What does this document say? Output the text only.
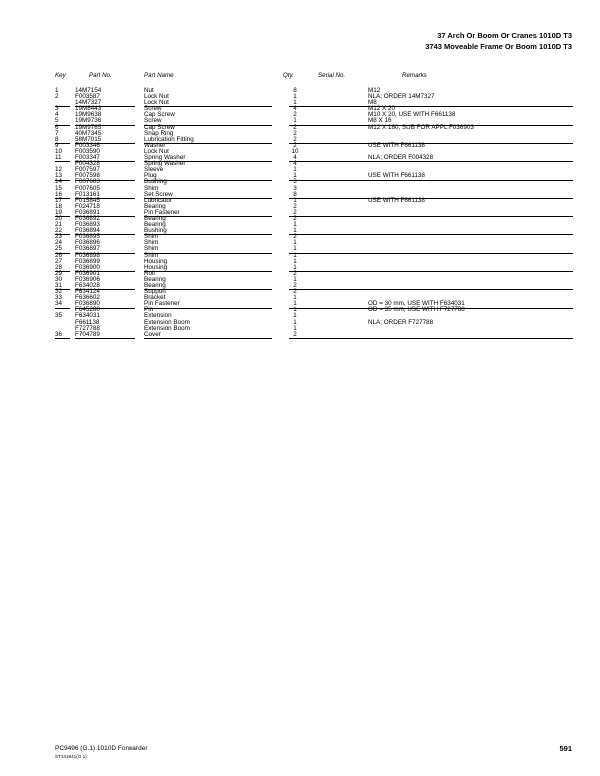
37 Arch Or Boom Or Cranes 1010D T3
3743 Moveable Frame Or Boom 1010D T3
Key	Part No.	Part Name	Qty.	Serial No.	Remarks
1	14M7154	Nut	8	M12
2	F003587	Lock Nut	1	NLA; ORDER 14M7327
14M7327	Lock Nut	1	M8
3	19M8443	Screw	4	M12 X 20
4	19M9638	Cap Screw	2	M10 X 20, USE WITH F661138
5	19M9736	Screw	1	M8 X 16
6	19M9765	Cap Screw	2	M12 X 180, SUB FOR APPL F036903
7	40M7345	Snap Ring	2
8	58M7015	Lubrication Fitting	2
9	F003346	Washer	2	USE WITH F661138
10 F003590	Lock Nut	10
11 F003347	Spring Washer	4	NLA; ORDER F004328
F004328	Spring Washer	4
12 F007597	Sleeve	1
13 F007598	Plug	1	USE WITH F661138
14 F007603	Bushing	3
15 F007605	Shim	3
16 F013161	Set Screw	8
17 F015845	Lubricator	1	USE WITH F661138
18 F024718	Bearing	2
19 F036891	Pin Fastener	2
20 F036892	Bearing	2
21 F036893	Bearing	1
22 F036894	Bushing	1
23 F036895	Shim	2
24 F036896	Shim	1
25 F036897	Shim	1
26 F036898	Shim	1
27 F036899	Housing	1
28 F036900	Housing	1
29 F036901	Roll	2
30 F036906	Bearing	1
31 F634028	Bearing	2
32 F634124	Support	2
33 F636602	Bracket	1
34 F036890	Pin Fastener	1	OD = 30 mm, USE WITH F634031
F645280	Pin	1	OD = 35 mm, USE WITH F727788
35 F634031	Extension	1
F661138	Extension Boom	1	NLA; ORDER F727788
F727788	Extension Boom	1
36 F704789	Cover	2
PC9496 (G.1) 1010D Forwarder
ST141841(O.1)
591
